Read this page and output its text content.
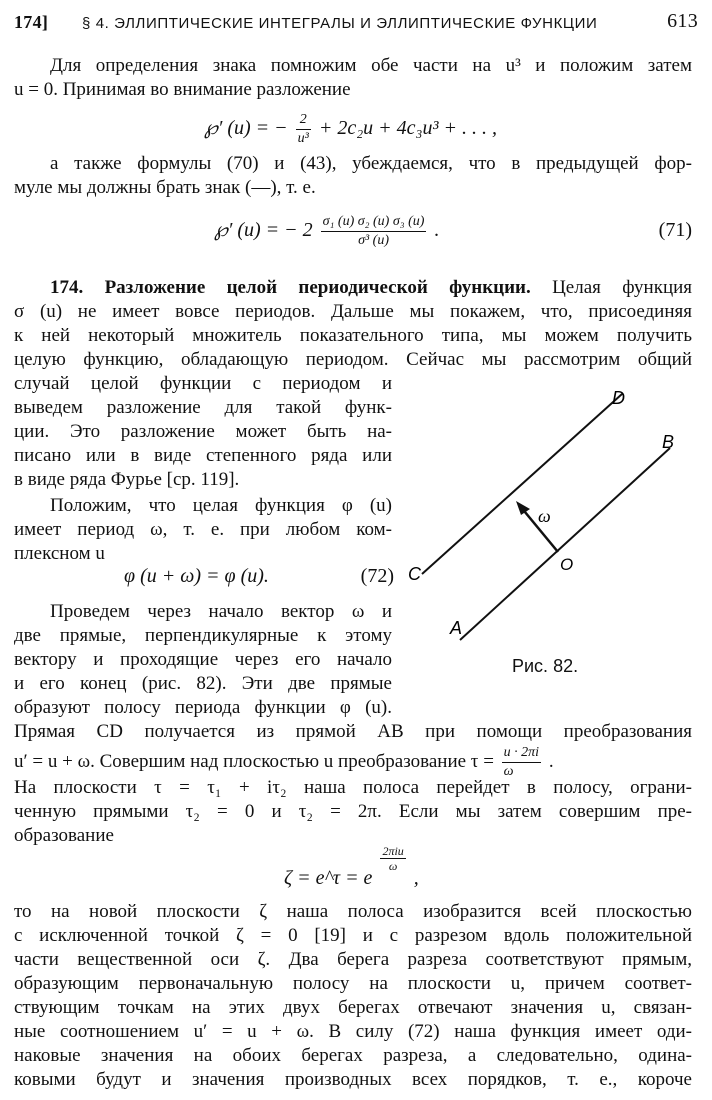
174] § 4. ЭЛЛИПТИЧЕСКИЕ ИНТЕГРАЛЫ И ЭЛЛИПТИЧЕСКИЕ ФУНКЦИИ	613
Для определения знака помножим обе части на u³ и положим затем
u = 0. Принимая во внимание разложение
℘′ (u) = − $\frac{2}{\text{u³}} + 2c_2u + 4c_3u^3$ + . . . ,
а также формулы (70) и (43), убеждаемся, что в предыдущей фор-
муле мы должны брать знак (—), т. е.
℘′ (u) = − $2 \frac{\text{σ₁ (u) σ₂ (u) σ₃ (u)}}{\text{σ³ (u)}}$ .	(71)
174. Разложение целой периодической функции. Целая функция
σ (u) не имеет вовсе периодов. Дальше мы покажем, что, присоединяя
к ней некоторый множитель показательного типа, мы можем получить
целую функцию, обладающую периодом. Сейчас мы рассмотрим общий
случай целой функции с периодом и
выведем разложение для такой функ-
ции. Это разложение может быть на-
писано или в виде степенного ряда или
в виде ряда Фурье [ср. 119].
Положим, что целая функция φ (u)
имеет период ω, т. е. при любом ком-
плексном u
φ (u + ω) = φ (u).	(72)
Проведем через начало вектор ω и
две прямые, перпендикулярные к этому
вектору и проходящие через его начало
и его конец (рис. 82). Эти две прямые
образуют полосу периода функции φ (u).
Прямая CD получается из прямой AB при помощи преобразования
u′ = u + ω. Совершим над плоскостью u преобразование $\tau = \frac{u \cdot 2\pi i}{\omega}$ .
На плоскости τ = τ₁ + iτ₂ наша полоса перейдет в полосу, ограни-
ченную прямыми τ₂ = 0 и τ₂ = 2π. Если мы затем совершим пре-
образование
ζ = e^τ = e
$\frac{\text{2πiu}}{\omega}$
,
то на новой плоскости ζ наша полоса изобразится всей плоскостью
с исключенной точкой ζ = 0 [19] и с разрезом вдоль положительной
части вещественной оси ζ. Два берега разреза соответствуют прямым,
образующим первоначальную полосу на плоскости u, причем соответ-
ствующим точкам на этих двух берегах отвечают значения u, связан-
ные соотношением u′ = u + ω. В силу (72) наша функция имеет оди-
наковые значения на обоих берегах разреза, а следовательно, одина-
ковыми будут и значения производных всех порядков, т. е., короче
D
B
C
A
O
ω
Рис. 82.
